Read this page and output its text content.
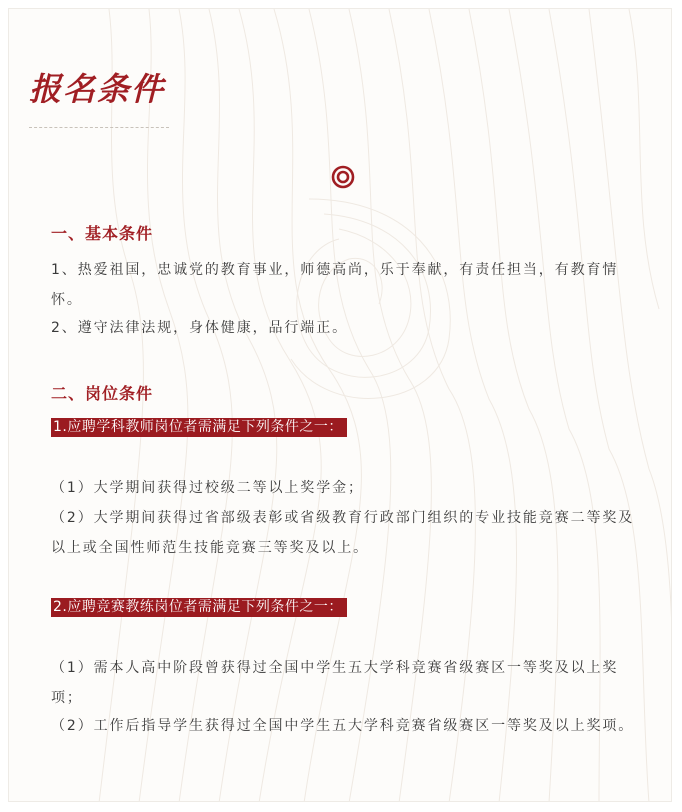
报名条件
一、基本条件

1、热爱祖国，忠诚党的教育事业，师德高尚，乐于奉献，有责任担当，有教育情怀。

2、遵守法律法规，身体健康，品行端正。

二、岗位条件
1.应聘学科教师岗位者需满足下列条件之一：

（1）大学期间获得过校级二等以上奖学金；

（2）大学期间获得过省部级表彰或省级教育行政部门组织的专业技能竞赛二等奖及以上或全国性师范生技能竞赛三等奖及以上。

2.应聘竞赛教练岗位者需满足下列条件之一：

（1）需本人高中阶段曾获得过全国中学生五大学科竞赛省级赛区一等奖及以上奖项；

（2）工作后指导学生获得过全国中学生五大学科竞赛省级赛区一等奖及以上奖项。
